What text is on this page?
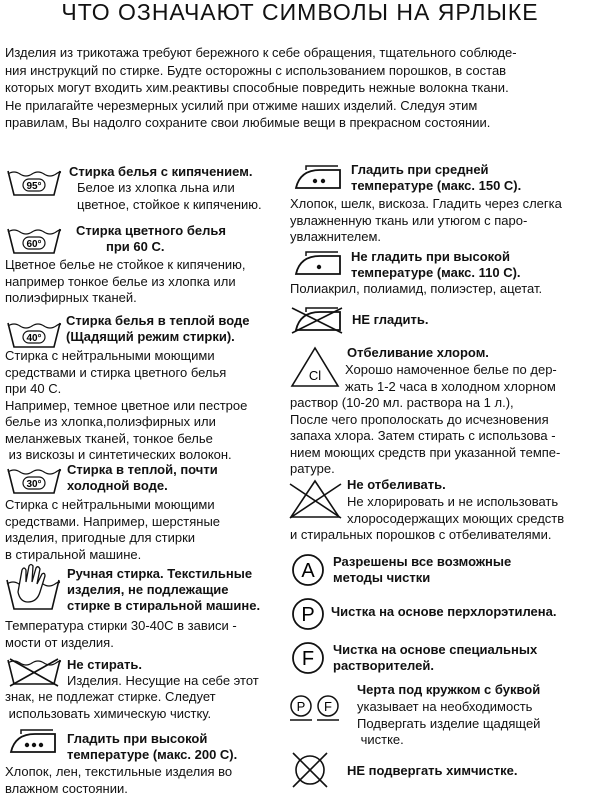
ЧТО ОЗНАЧАЮТ СИМВОЛЫ НА ЯРЛЫКЕ
Изделия из трикотажа требуют бережного к себе обращения, тщательного соблюде-
ния инструкций по стирке. Будте осторожны с использованием порошков, в состав
которых могут входить хим.реактивы способные повредить нежные волокна ткани.
Не прилагайте черезмерных усилий при отжиме наших изделий. Следуя этим
правилам, Вы надолго сохраните свои любимые вещи в прекрасном состоянии.
95°
Стирка белья с кипячением.
Белое из хлопка льна или
цветное, стойкое к кипячению.
60°
Стирка цветного белья
при 60 С.
Цветное белье не стойкое к кипячению,
например тонкое белье из хлопка или
полиэфирных тканей.
40°
Стирка белья в теплой воде
(Щадящий режим стирки).
Стирка с нейтральными моющими
средствами и стирка цветного белья
при 40 С.
Например, темное цветное или пестрое
белье из хлопка,полиэфирных или
меланжевых тканей, тонкое белье
из вискозы и синтетических волокон.
30°
Стирка в теплой, почти
холодной воде.
Стирка с нейтральными моющими
средствами. Например, шерстяные
изделия, пригодные для стирки
в стиральной машине.
Ручная стирка. Текстильные
изделия, не подлежащие
стирке в стиральной машине.
Температура стирки 30-40С в зависи -
мости от изделия.
Не стирать.
Изделия. Несущие на себе этот
знак, не подлежат стирке. Следует
использовать химическую чистку.
Гладить при высокой
температуре (макс. 200 С).
Хлопок, лен, текстильные изделия во
влажном состоянии.
Гладить при средней
температуре (макс. 150 С).
Хлопок, шелк, вискоза. Гладить через слегка
увлажненную ткань или утюгом с паро-
увлажнителем.
Не гладить при высокой
температуре (макс. 110 С).
Полиакрил, полиамид, полиэстер, ацетат.
НЕ гладить.
Cl
Отбеливание хлором.
Хорошо намоченное белье по дер-
жать 1-2 часа в холодном хлорном
раствор (10-20 мл. раствора на 1 л.),
После чего прополоскать до исчезновения
запаха хлора. Затем стирать с использова -
нием моющих средств при указанной темпе-
ратуре.
Не отбеливать.
Не хлорировать и не использовать
хлоросодержащих моющих средств
и стиральных порошков с отбеливателями.
A Разрешены все возможные
методы чистки
P Чистка на основе перхлорэтилена.
F Чистка на основе специальных
растворителей.
P F
Черта под кружком с буквой
указывает на необходимость
Подвергать изделие щадящей
чистке.
НЕ подвергать химчистке.
